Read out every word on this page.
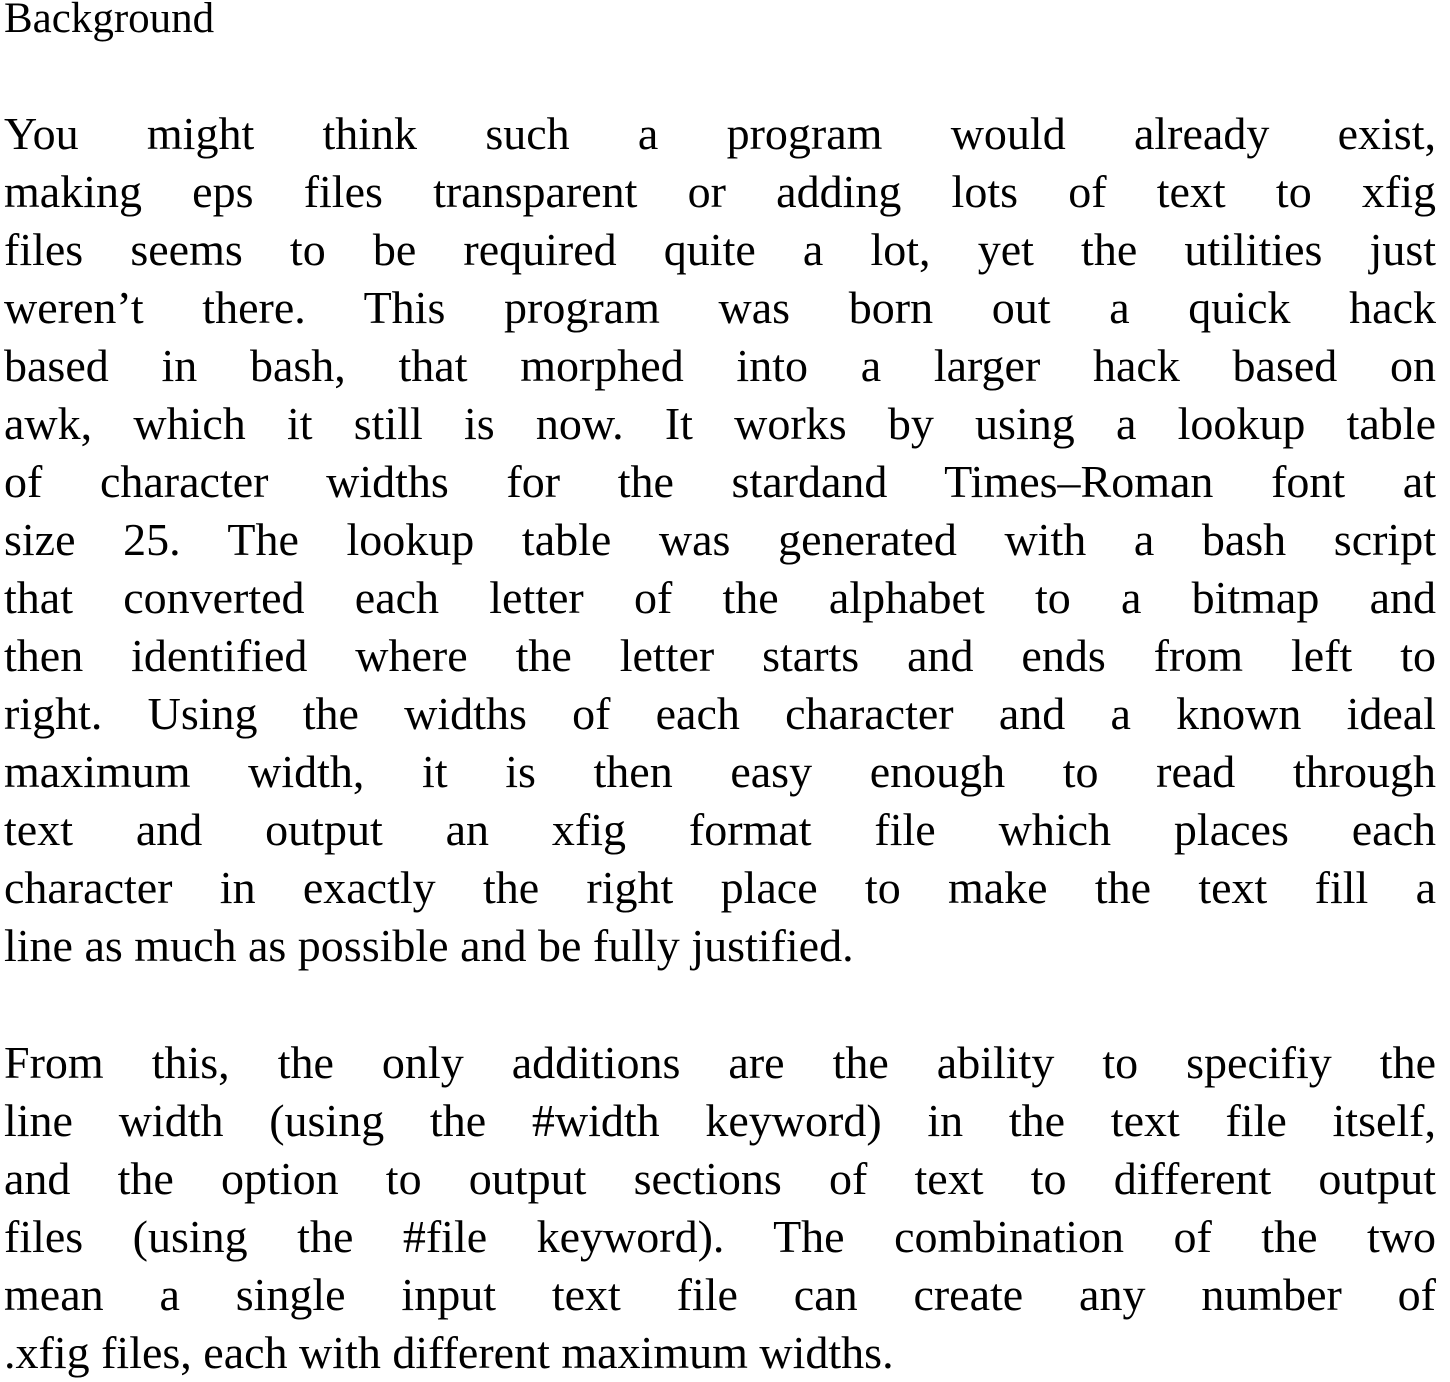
Background
You might think such a program would already exist,
making eps files transparent or adding lots of text to xfig
files seems to be required quite a lot, yet the utilities just
weren’t there. This program was born out a quick hack
based in bash, that morphed into a larger hack based on
awk, which it still is now. It works by using a lookup table
of character widths for the stardand Times–Roman font at
size 25. The lookup table was generated with a bash script
that converted each letter of the alphabet to a bitmap and
then identified where the letter starts and ends from left to
right. Using the widths of each character and a known ideal
maximum width, it is then easy enough to read through
text and output an xfig format file which places each
character in exactly the right place to make the text fill a
line as much as possible and be fully justified.
From this, the only additions are the ability to specifiy the
line width (using the #width keyword) in the text file itself,
and the option to output sections of text to different output
files (using the #file keyword). The combination of the two
mean a single input text file can create any number of
.xfig files, each with different maximum widths.
